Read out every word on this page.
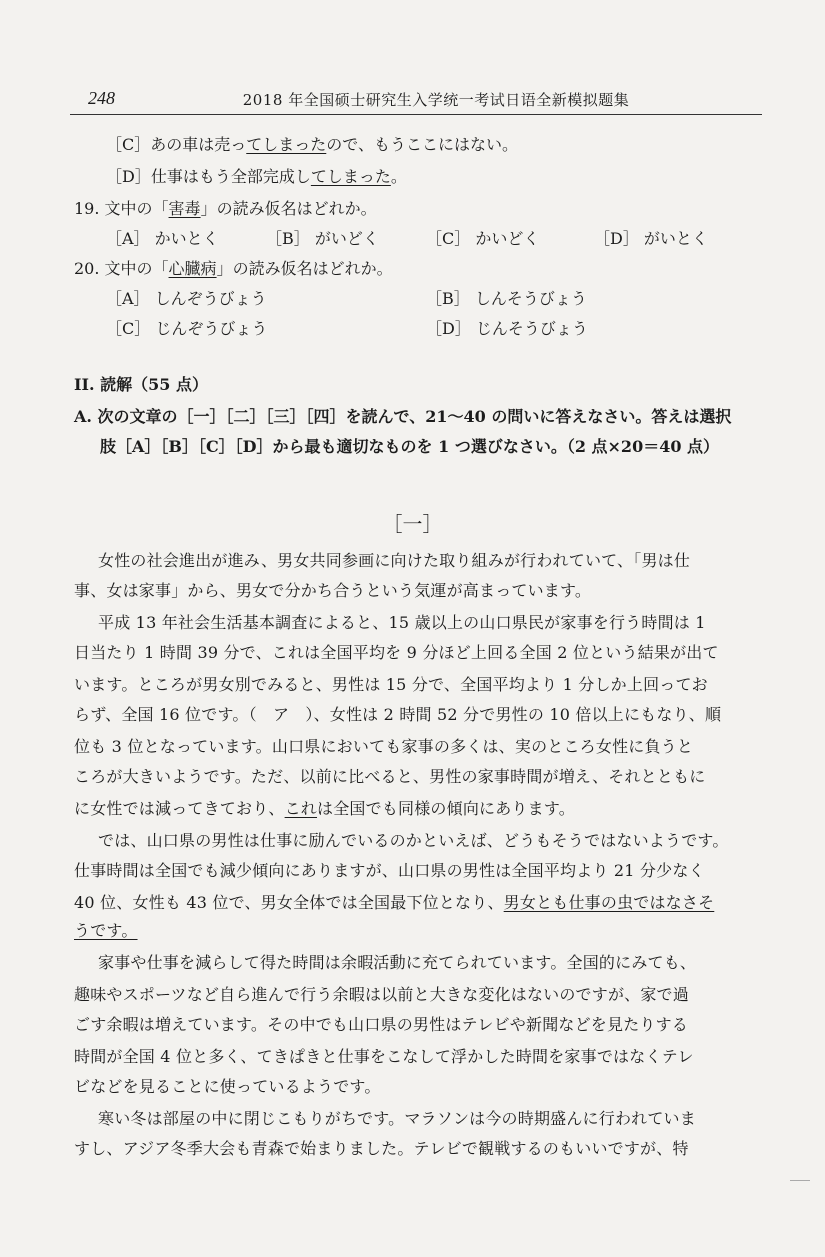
248	2018 年全国硕士研究生入学统一考试日语全新模拟题集
［C］あの車は売ってしまったので、もうここにはない。
［D］仕事はもう全部完成してしまった。
19. 文中の「害毒」の読み仮名はどれか。
［A］ かいとく	［B］ がいどく	［C］ かいどく	［D］ がいとく
20. 文中の「心臓病」の読み仮名はどれか。
［A］ しんぞうびょう	［B］ しんそうびょう
［C］ じんぞうびょう	［D］ じんそうびょう
II. 読解（55 点）
A. 次の文章の［一］［二］［三］［四］を読んで、21～40 の問いに答えなさい。答えは選択
肢［A］［B］［C］［D］から最も適切なものを 1 つ選びなさい。（2 点×20＝40 点）
［一］

女性の社会進出が進み、男女共同参画に向けた取り組みが行われていて、「男は仕

事、女は家事」から、男女で分かち合うという気運が高まっています。

平成 13 年社会生活基本調査によると、15 歳以上の山口県民が家事を行う時間は 1

日当たり 1 時間 39 分で、これは全国平均を 9 分ほど上回る全国 2 位という結果が出て

います。ところが男女別でみると、男性は 15 分で、全国平均より 1 分しか上回ってお

らず、全国 16 位です。（　ア　）、女性は 2 時間 52 分で男性の 10 倍以上にもなり、順

位も 3 位となっています。山口県においても家事の多くは、実のところ女性に負うと

ころが大きいようです。ただ、以前に比べると、男性の家事時間が増え、それとともに

に女性では減ってきており、これは全国でも同様の傾向にあります。

では、山口県の男性は仕事に励んでいるのかといえば、どうもそうではないようです。

仕事時間は全国でも減少傾向にありますが、山口県の男性は全国平均より 21 分少なく

40 位、女性も 43 位で、男女全体では全国最下位となり、男女とも仕事の虫ではなさそ

うです。

家事や仕事を減らして得た時間は余暇活動に充てられています。全国的にみても、

趣味やスポーツなど自ら進んで行う余暇は以前と大きな変化はないのですが、家で過

ごす余暇は増えています。その中でも山口県の男性はテレビや新聞などを見たりする

時間が全国 4 位と多く、てきぱきと仕事をこなして浮かした時間を家事ではなくテレ

ビなどを見ることに使っているようです。

寒い冬は部屋の中に閉じこもりがちです。マラソンは今の時期盛んに行われていま

すし、アジア冬季大会も青森で始まりました。テレビで観戦するのもいいですが、特
